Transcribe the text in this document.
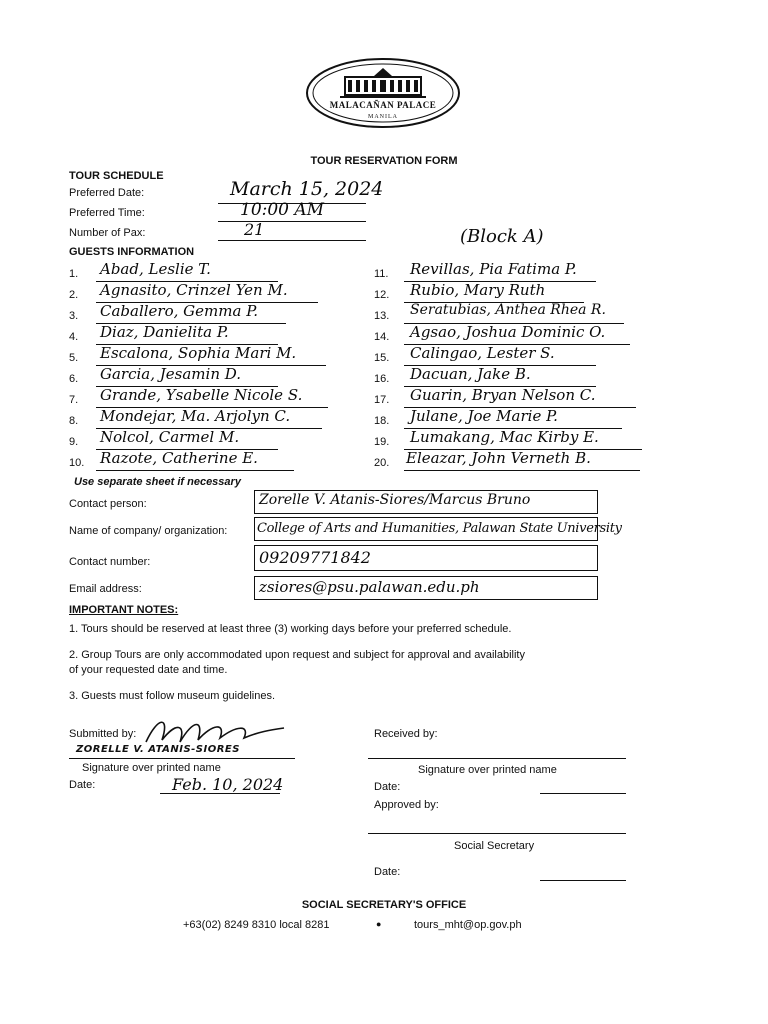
MALACAÑAN PALACE
MANILA
TOUR RESERVATION FORM
TOUR SCHEDULE
Preferred Date:	March 15, 2024
Preferred Time:	10:00 AM
Number of Pax:	21	(Block A)
GUESTS INFORMATION
1.	Abad, Leslie T.
2.	Agnasito, Crinzel Yen M.
3.	Caballero, Gemma P.
4.	Diaz, Danielita P.
5.	Escalona, Sophia Mari M.
6.	Garcia, Jesamin D.
7.	Grande, Ysabelle Nicole S.
8.	Mondejar, Ma. Arjolyn C.
9.	Nolcol, Carmel M.
10.	Razote, Catherine E.
11.	Revillas, Pia Fatima P.
12.	Rubio, Mary Ruth
13.	Seratubias, Anthea Rhea R.
14.	Agsao, Joshua Dominic O.
15.	Calingao, Lester S.
16.	Dacuan, Jake B.
17.	Guarin, Bryan Nelson C.
18.	Julane, Joe Marie P.
19.	Lumakang, Mac Kirby E.
20.	Eleazar, John Verneth B.
Use separate sheet if necessary
Contact person:	Zorelle V. Atanis-Siores/Marcus Bruno
Name of company/ organization: College of Arts and Humanities, Palawan State University
Contact number:	09209771842
Email address:	zsiores@psu.palawan.edu.ph
IMPORTANT NOTES:
1. Tours should be reserved at least three (3) working days before your preferred schedule.
2. Group Tours are only accommodated upon request and subject for approval and availability
of your requested date and time.
3. Guests must follow museum guidelines.
Submitted by:
ZORELLE V. ATANIS-SIORES
Signature over printed name
Date:	Feb. 10, 2024
Received by:
Signature over printed name
Date:
Approved by:
Social Secretary
Date:
SOCIAL SECRETARY'S OFFICE
+63(02) 8249 8310 local 8281	●	tours_mht@op.gov.ph
